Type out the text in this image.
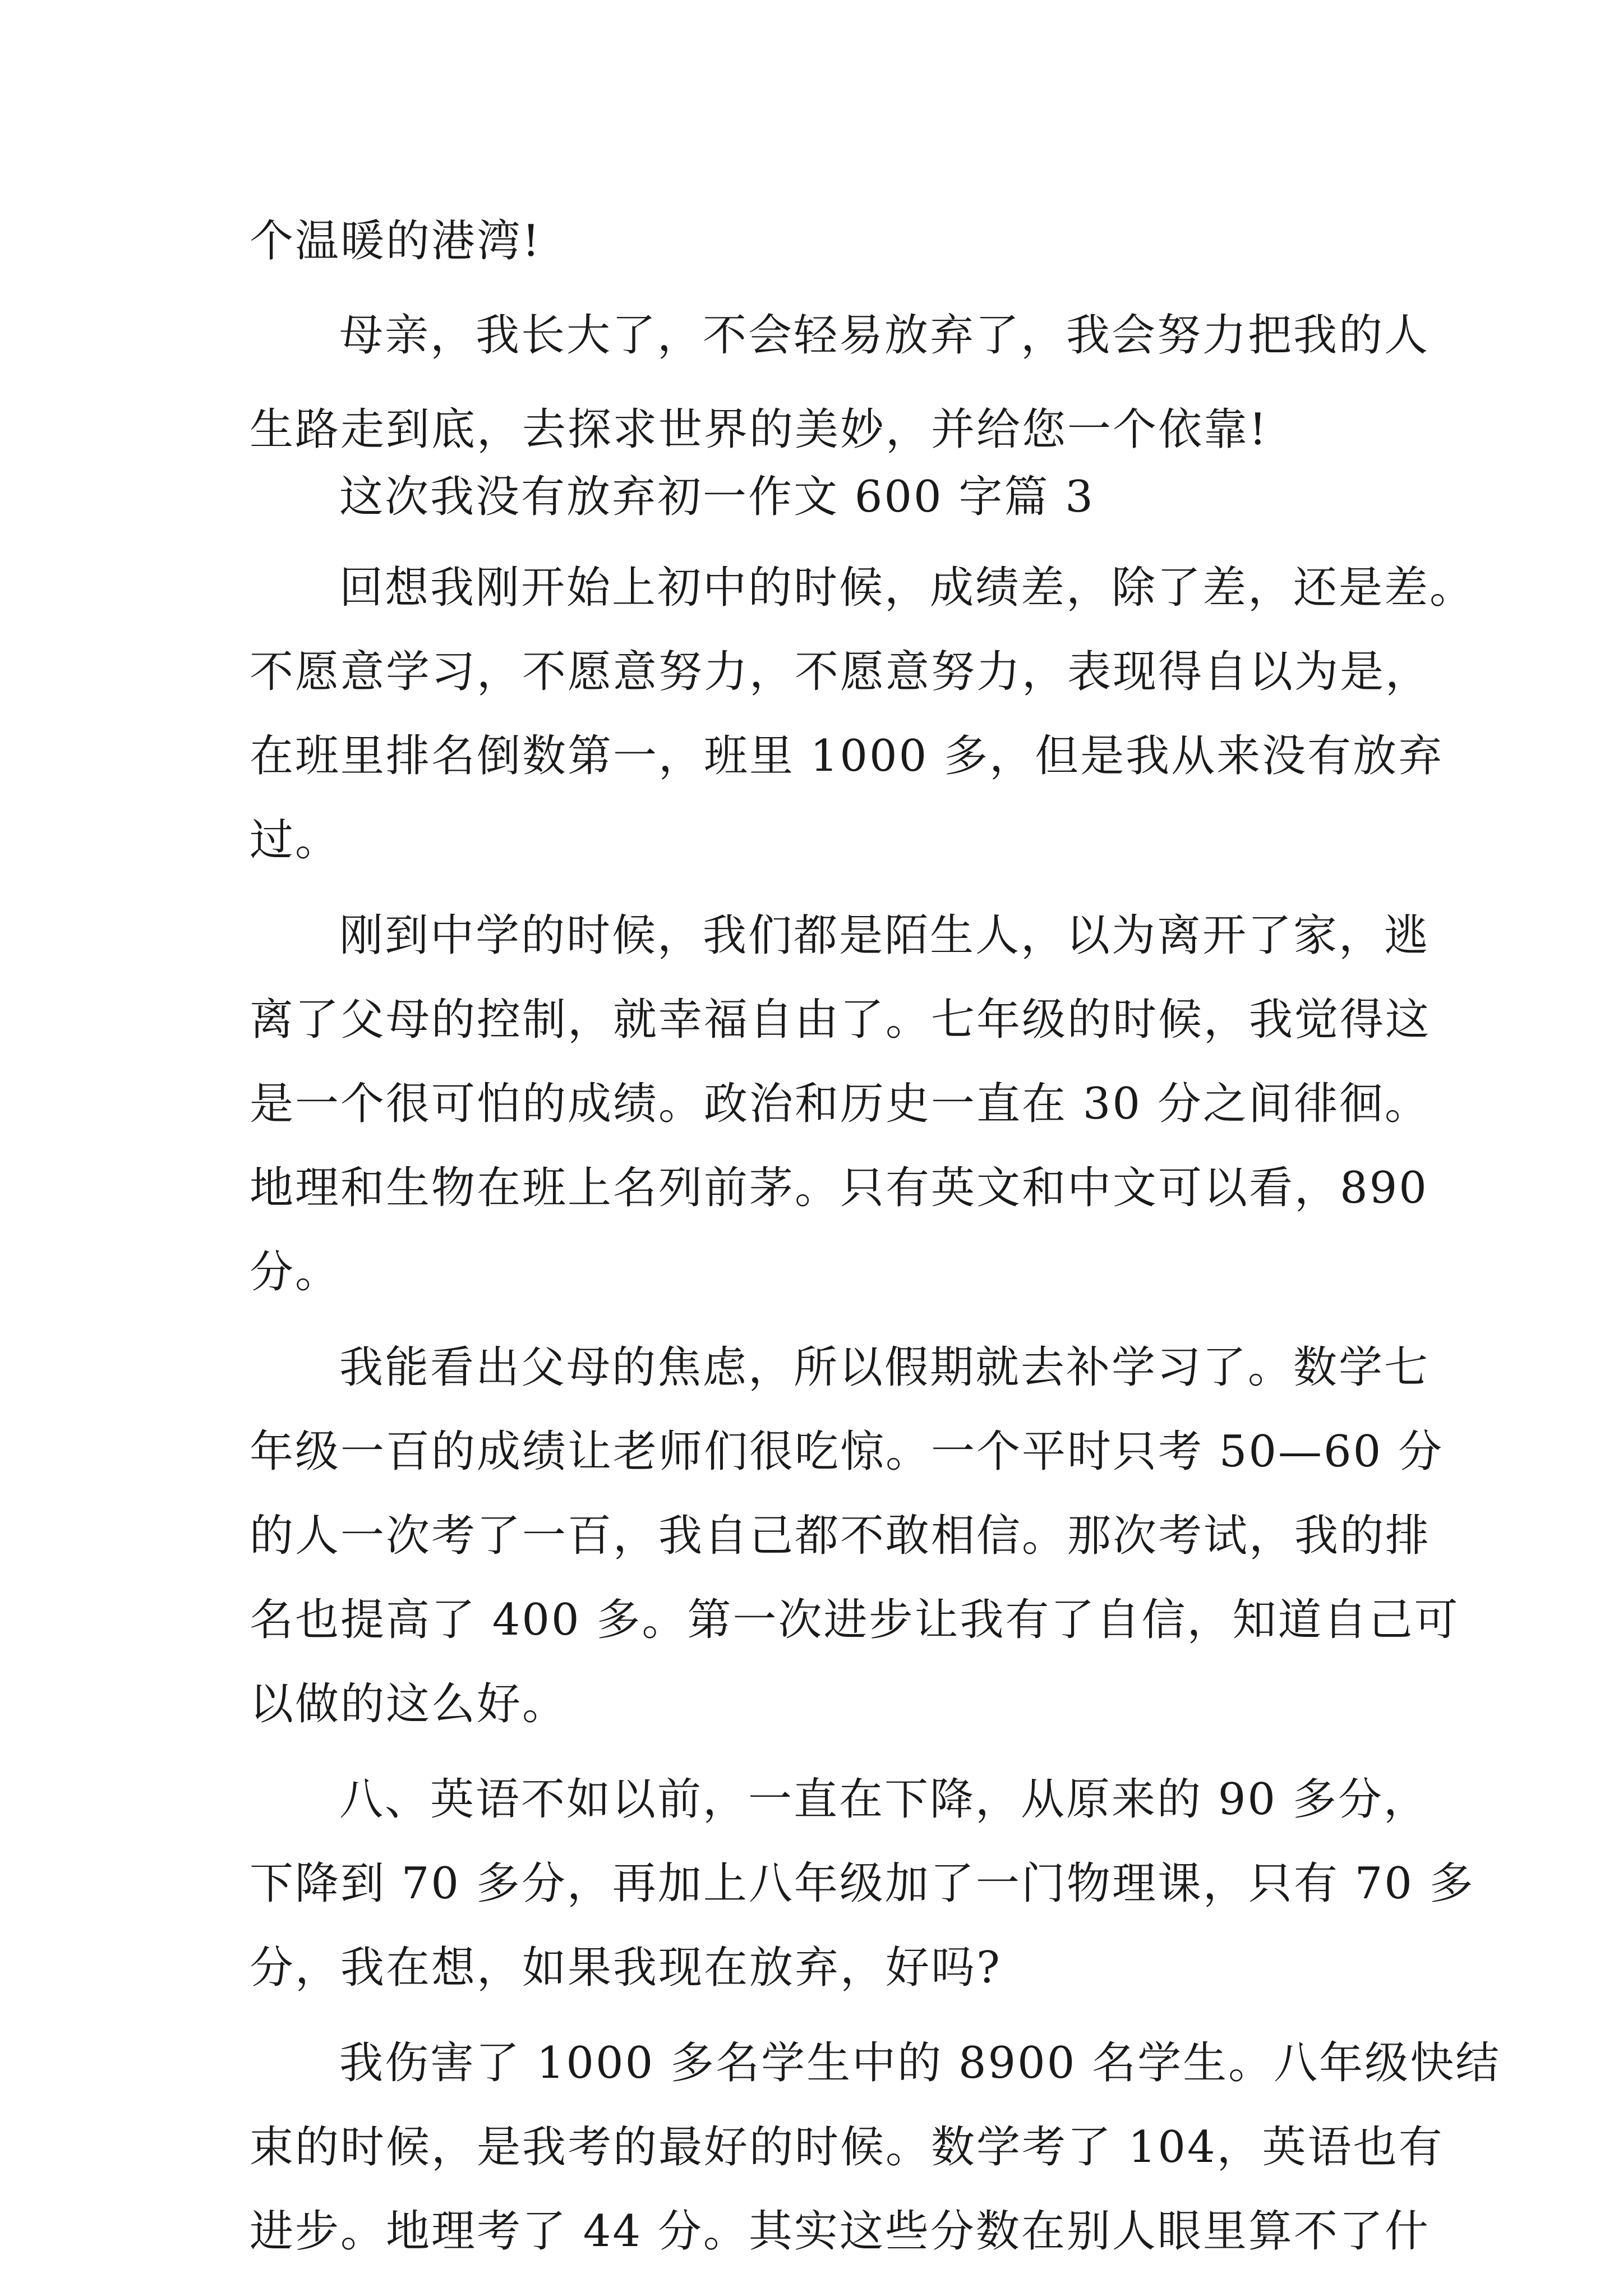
个温暖的港湾!
母亲，我长大了，不会轻易放弃了，我会努力把我的人
生路走到底，去探求世界的美妙，并给您一个依靠!
这次我没有放弃初一作文 600 字篇 3
回想我刚开始上初中的时候，成绩差，除了差，还是差。
不愿意学习，不愿意努力，不愿意努力，表现得自以为是，
在班里排名倒数第一，班里 1000 多，但是我从来没有放弃
过。
刚到中学的时候，我们都是陌生人，以为离开了家，逃
离了父母的控制，就幸福自由了。七年级的时候，我觉得这
是一个很可怕的成绩。政治和历史一直在 30 分之间徘徊。
地理和生物在班上名列前茅。只有英文和中文可以看，890
分。
我能看出父母的焦虑，所以假期就去补学习了。数学七
年级一百的成绩让老师们很吃惊。一个平时只考 50—60 分
的人一次考了一百，我自己都不敢相信。那次考试，我的排
名也提高了 400 多。第一次进步让我有了自信，知道自己可
以做的这么好。
八、英语不如以前，一直在下降，从原来的 90 多分，
下降到 70 多分，再加上八年级加了一门物理课，只有 70 多
分，我在想，如果我现在放弃，好吗?
我伤害了 1000 多名学生中的 8900 名学生。八年级快结
束的时候，是我考的最好的时候。数学考了 104，英语也有
进步。地理考了 44 分。其实这些分数在别人眼里算不了什
